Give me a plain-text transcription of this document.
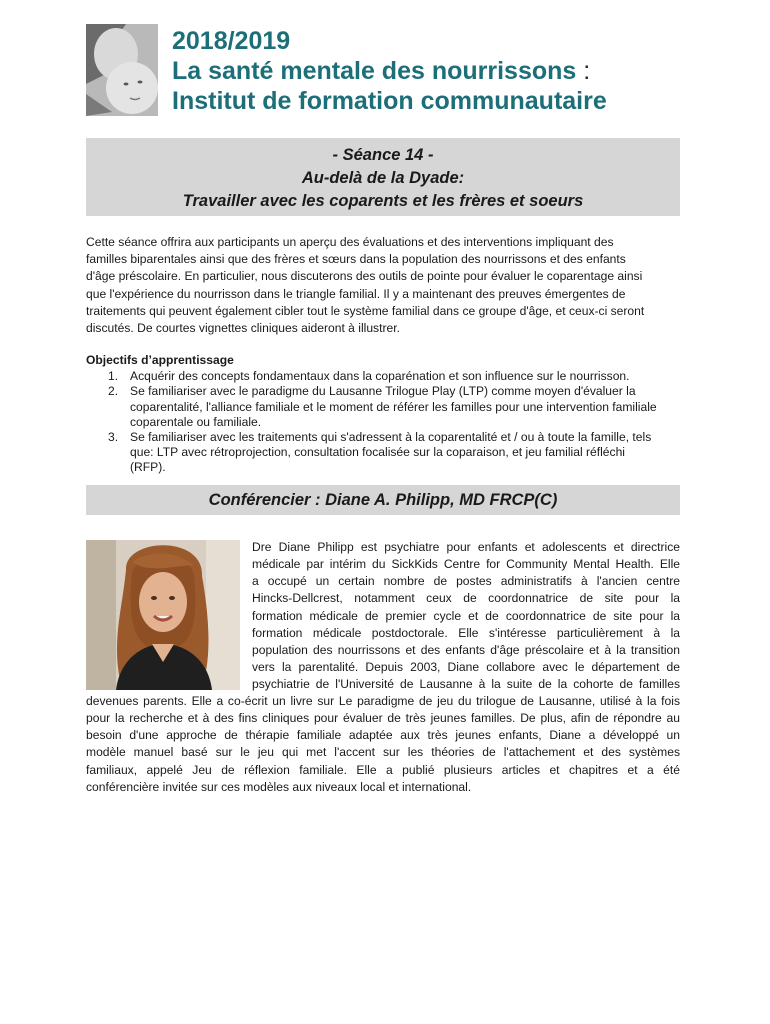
2018/2019
La santé mentale des nourrissons :
Institut de formation communautaire
- Séance 14 -
Au-delà de la Dyade:
Travailler avec les coparents et les frères et soeurs
Cette séance offrira aux participants un aperçu des évaluations et des interventions impliquant des
familles biparentales ainsi que des frères et sœurs dans la population des nourrissons et des enfants
d'âge préscolaire. En particulier, nous discuterons des outils de pointe pour évaluer le coparentage ainsi
que l'expérience du nourrisson dans le triangle familial. Il y a maintenant des preuves émergentes de
traitements qui peuvent également cibler tout le système familial dans ce groupe d'âge, et ceux-ci seront
discutés. De courtes vignettes cliniques aideront à illustrer.
Objectifs d’apprentissage
1. Acquérir des concepts fondamentaux dans la coparénation et son influence sur le nourrisson.
2. Se familiariser avec le paradigme du Lausanne Trilogue Play (LTP) comme moyen d'évaluer la
coparentalité, l'alliance familiale et le moment de référer les familles pour une intervention familiale
coparentale ou familiale.
3. Se familiariser avec les traitements qui s'adressent à la coparentalité et / ou à toute la famille, tels
que: LTP avec rétroprojection, consultation focalisée sur la coparaison, et jeu familial réfléchi
(RFP).
Conférencier : Diane A. Philipp, MD FRCP(C)
Dre Diane Philipp est psychiatre pour enfants et adolescents et directrice
médicale par intérim du SickKids Centre for Community Mental Health. Elle
a occupé un certain nombre de postes administratifs à l'ancien centre
Hincks-Dellcrest, notamment ceux de coordonnatrice de site pour la
formation médicale de premier cycle et de coordonnatrice de site pour la
formation médicale postdoctorale. Elle s'intéresse particulièrement à la
population des nourrissons et des enfants d'âge préscolaire et à la transition
vers la parentalité. Depuis 2003, Diane collabore avec le département de
psychiatrie de l'Université de Lausanne à la suite de la cohorte de familles
devenues parents. Elle a co-écrit un livre sur Le paradigme de jeu du trilogue de Lausanne, utilisé à la fois
pour la recherche et à des fins cliniques pour évaluer de très jeunes familles. De plus, afin de répondre au
besoin d'une approche de thérapie familiale adaptée aux très jeunes enfants, Diane a développé un
modèle manuel basé sur le jeu qui met l'accent sur les théories de l'attachement et des systèmes
familiaux, appelé Jeu de réflexion familiale. Elle a publié plusieurs articles et chapitres et a été
conférencière invitée sur ces modèles aux niveaux local et international.
